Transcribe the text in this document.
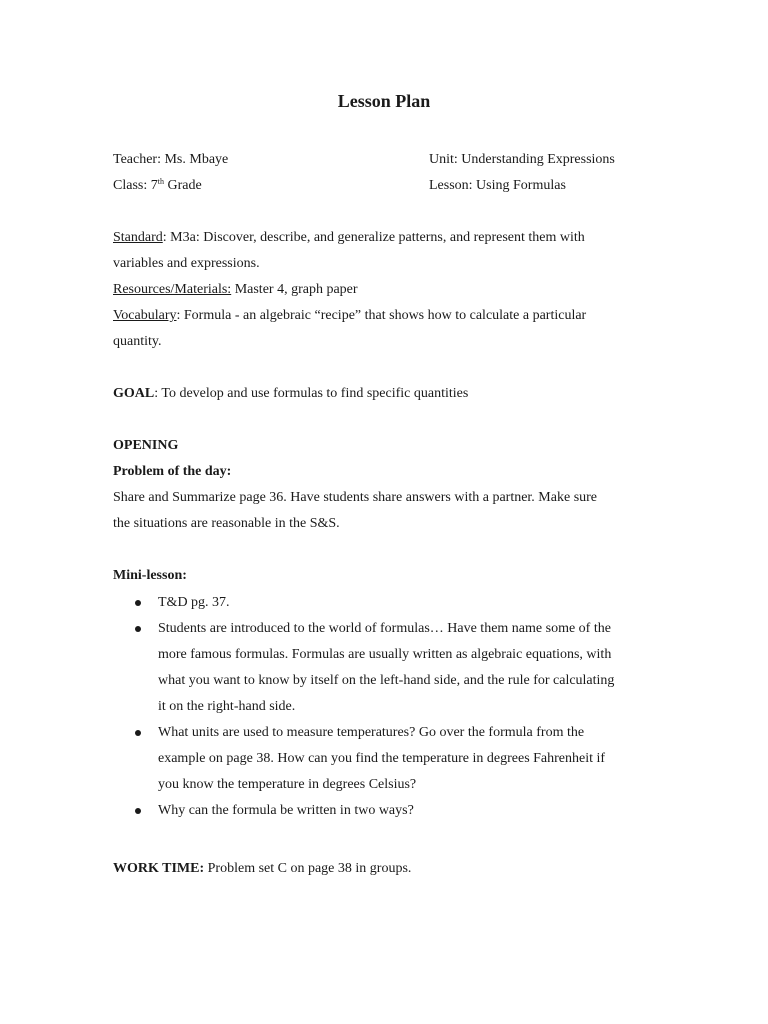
Lesson Plan
Teacher: Ms. Mbaye	Unit: Understanding Expressions
Class: 7th Grade	Lesson: Using Formulas
Standard: M3a: Discover, describe, and generalize patterns, and represent them with
variables and expressions.
Resources/Materials: Master 4, graph paper
Vocabulary: Formula - an algebraic “recipe” that shows how to calculate a particular
quantity.
GOAL: To develop and use formulas to find specific quantities
OPENING
Problem of the day:
Share and Summarize page 36. Have students share answers with a partner. Make sure
the situations are reasonable in the S&S.
Mini-lesson:
T&D pg. 37.
Students are introduced to the world of formulas… Have them name some of the
more famous formulas. Formulas are usually written as algebraic equations, with
what you want to know by itself on the left-hand side, and the rule for calculating
it on the right-hand side.
What units are used to measure temperatures? Go over the formula from the
example on page 38. How can you find the temperature in degrees Fahrenheit if
you know the temperature in degrees Celsius?
Why can the formula be written in two ways?
WORK TIME: Problem set C on page 38 in groups.
